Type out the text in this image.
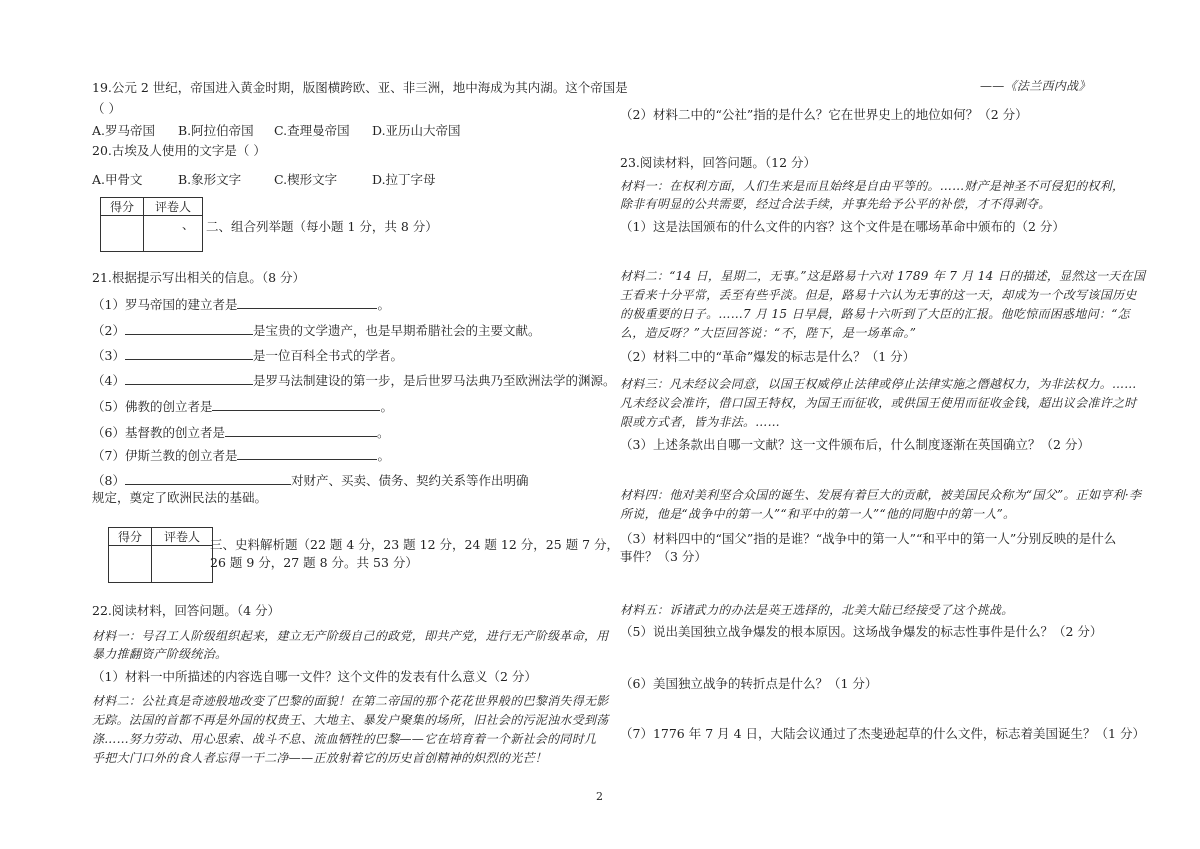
19.公元 2 世纪，帝国进入黄金时期，版图横跨欧、亚、非三洲，地中海成为其内湖。这个帝国是
（ ）
A.罗马帝国 B.阿拉伯帝国 C.查理曼帝国 D.亚历山大帝国
20.古埃及人使用的文字是（ ）
A.甲骨文	B.象形文字	C.楔形文字	D.拉丁字母
得分	评卷人
	、 二、组合列举题（每小题 1 分，共 8 分）
21.根据提示写出相关的信息。（8 分）
（1）罗马帝国的建立者是	。
（2）	是宝贵的文学遗产，也是早期希腊社会的主要文献。
（3）	是一位百科全书式的学者。
（4）	是罗马法制建设的第一步，是后世罗马法典乃至欧洲法学的渊源。
（5）佛教的创立者是	。
（6）基督教的创立者是	。
（7）伊斯兰教的创立者是	。
（8）	对财产、买卖、债务、契约关系等作出明确
规定，奠定了欧洲民法的基础。
得分	评卷人
	三、史料解析题（22 题 4 分，23 题 12 分，24 题 12 分，25 题 7 分，
26 题 9 分，27 题 8 分。共 53 分）
22.阅读材料，回答问题。（4 分）
材料一：号召工人阶级组织起来，建立无产阶级自己的政党，即共产党，进行无产阶级革命，用
暴力推翻资产阶级统治。
（1）材料一中所描述的内容选自哪一文件？这个文件的发表有什么意义（2 分）
材料二：公社真是奇迹般地改变了巴黎的面貌！在第二帝国的那个花花世界般的巴黎消失得无影
无踪。法国的首都不再是外国的权贵王、大地主、暴发户聚集的场所，旧社会的污泥浊水受到荡
涤……努力劳动、用心思索、战斗不息、流血牺牲的巴黎——它在培育着一个新社会的同时几
乎把大门口外的食人者忘得一干二净——正放射着它的历史首创精神的炽烈的光芒！
——《法兰西内战》
（2）材料二中的“公社”指的是什么？它在世界史上的地位如何？（2 分）
23.阅读材料，回答问题。（12 分）
材料一：在权利方面，人们生来是而且始终是自由平等的。……财产是神圣不可侵犯的权利，
除非有明显的公共需要，经过合法手续，并事先给予公平的补偿，才不得剥夺。
（1）这是法国颁布的什么文件的内容？这个文件是在哪场革命中颁布的（2 分）
材料二：“14 日，星期二，无事。”这是路易十六对 1789 年 7 月 14 日的描述，显然这一天在国
王看来十分平常，丢至有些乎淡。但是，路易十六认为无事的这一天，却成为一个改写该国历史
的极重要的日子。……7 月 15 日早晨，路易十六听到了大臣的汇报。他吃惊而困惑地问：“怎
么，造反呀？”大臣回答说：“不，陛下，是一场革命。”
（2）材料二中的“革命”爆发的标志是什么？（1 分）
材料三：凡未经议会同意，以国王权威停止法律或停止法律实施之僭越权力，为非法权力。……
凡未经议会准许，借口国王特权，为国王而征收，或供国王使用而征收金钱，超出议会准许之时
限或方式者，皆为非法。……
（3）上述条款出自哪一文献？这一文件颁布后，什么制度逐渐在英国确立？（2 分）
材料四：他对美利坚合众国的诞生、发展有着巨大的贡献，被美国民众称为“国父”。正如亨利·李
所说，他是“战争中的第一人”“和平中的第一人”“他的同胞中的第一人”。
（3）材料四中的“国父”指的是谁？“战争中的第一人”“和平中的第一人”分别反映的是什么
事件？（3 分）
材料五：诉诸武力的办法是英王选择的，北美大陆已经接受了这个挑战。
（5）说出美国独立战争爆发的根本原因。这场战争爆发的标志性事件是什么？（2 分）
（6）美国独立战争的转折点是什么？（1 分）
（7）1776 年 7 月 4 日，大陆会议通过了杰斐逊起草的什么文件，标志着美国诞生？（1 分）
2
